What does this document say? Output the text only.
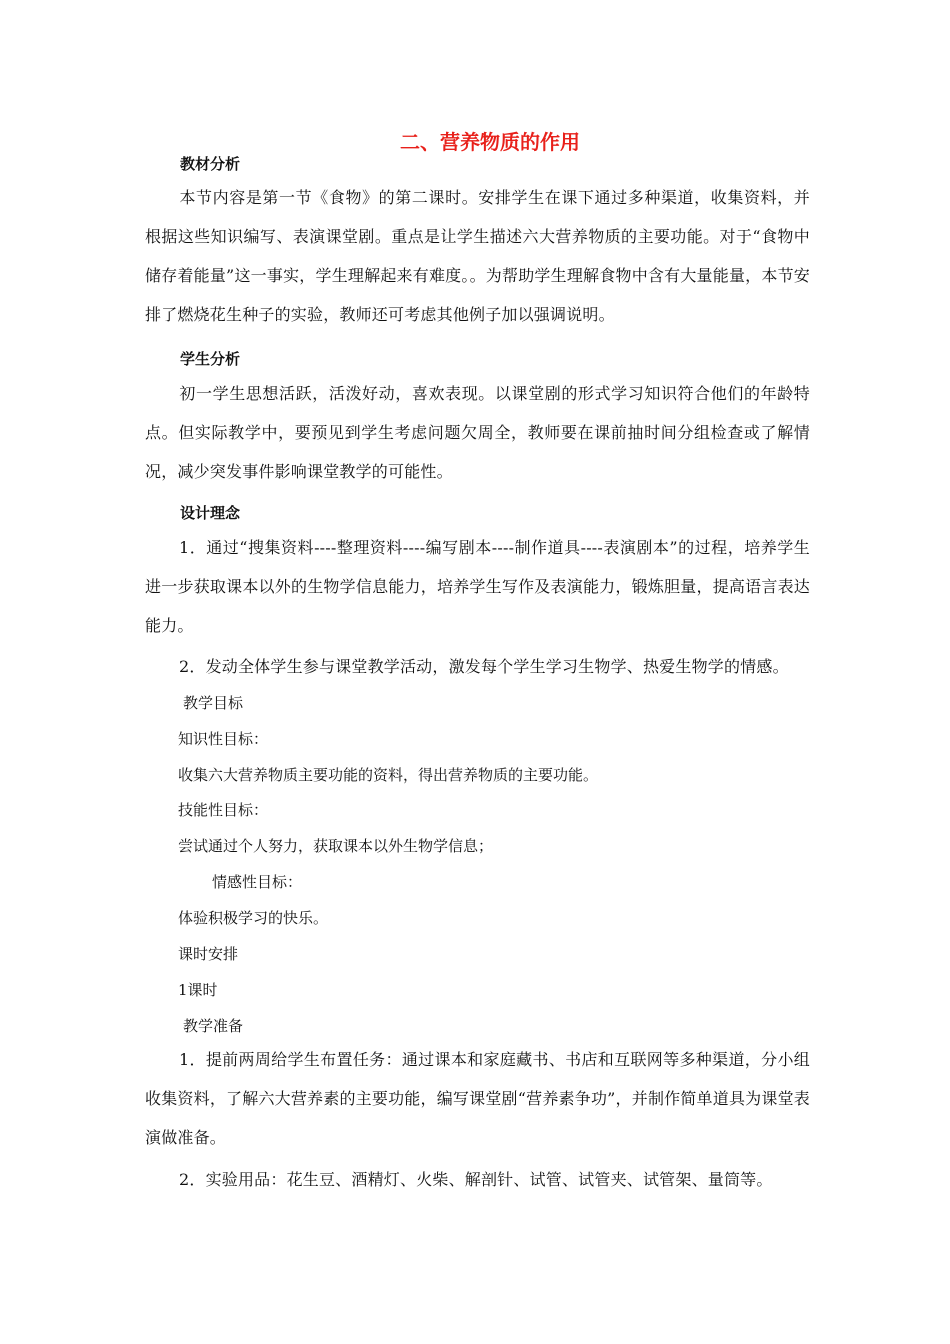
二、营养物质的作用
教材分析
本节内容是第一节《食物》的第二课时。安排学生在课下通过多种渠道，收集资料，并根据这些知识编写、表演课堂剧。重点是让学生描述六大营养物质的主要功能。对于“食物中储存着能量”这一事实，学生理解起来有难度。。为帮助学生理解食物中含有大量能量，本节安排了燃烧花生种子的实验，教师还可考虑其他例子加以强调说明。
学生分析
初一学生思想活跃，活泼好动，喜欢表现。以课堂剧的形式学习知识符合他们的年龄特点。但实际教学中，要预见到学生考虑问题欠周全，教师要在课前抽时间分组检查或了解情况，减少突发事件影响课堂教学的可能性。
设计理念
1．通过“搜集资料----整理资料----编写剧本----制作道具----表演剧本”的过程，培养学生进一步获取课本以外的生物学信息能力，培养学生写作及表演能力，锻炼胆量，提高语言表达能力。
2．发动全体学生参与课堂教学活动，激发每个学生学习生物学、热爱生物学的情感。
教学目标
知识性目标：
收集六大营养物质主要功能的资料，得出营养物质的主要功能。
技能性目标：
尝试通过个人努力，获取课本以外生物学信息；
情感性目标：
体验积极学习的快乐。
课时安排
1课时
教学准备
1．提前两周给学生布置任务：通过课本和家庭藏书、书店和互联网等多种渠道，分小组收集资料，了解六大营养素的主要功能，编写课堂剧“营养素争功”，并制作简单道具为课堂表演做准备。
2．实验用品：花生豆、酒精灯、火柴、解剖针、试管、试管夹、试管架、量筒等。
